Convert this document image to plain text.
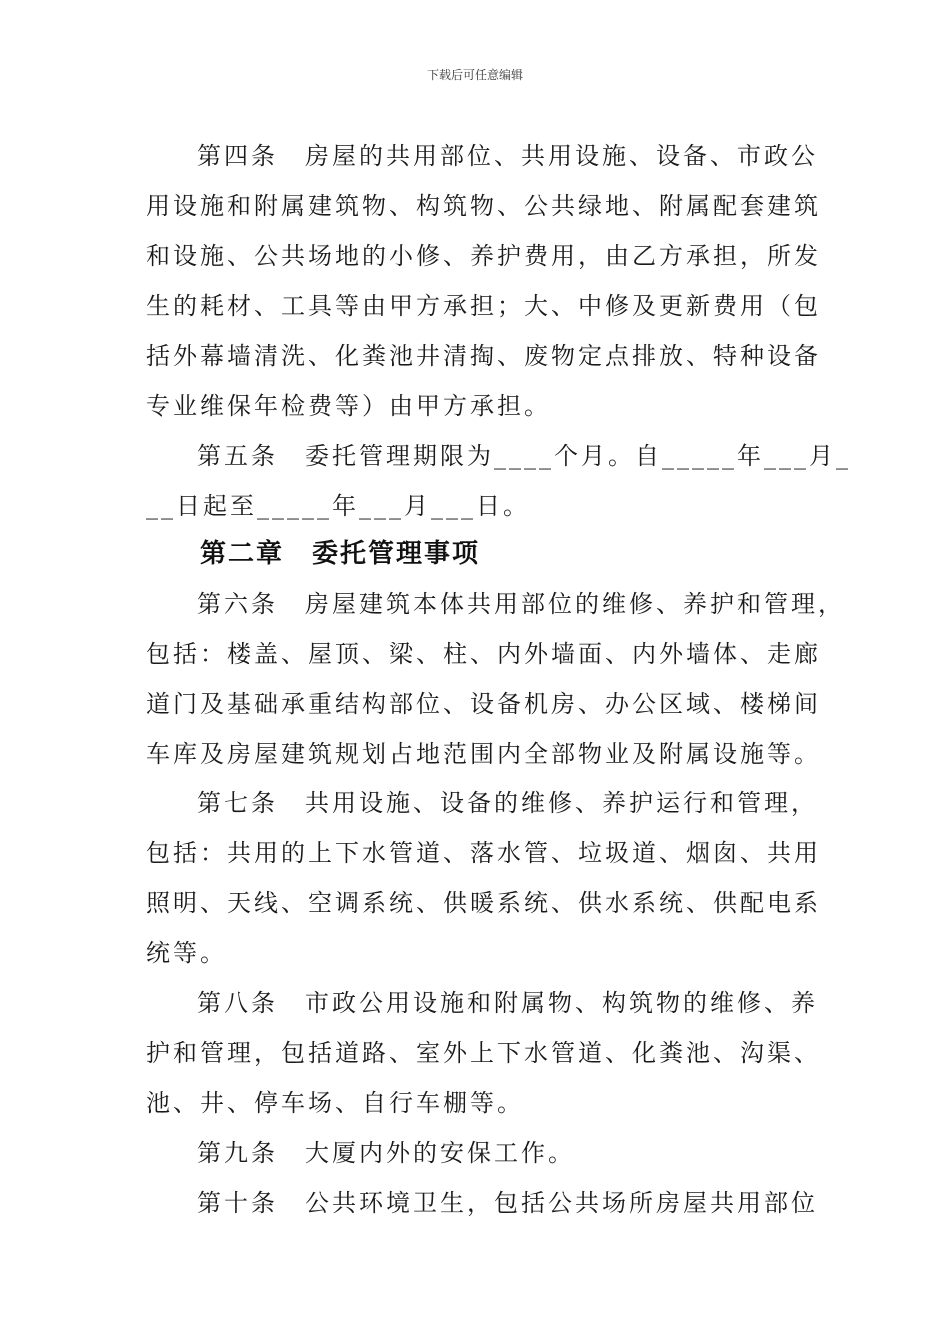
下载后可任意编辑
第四条　房屋的共用部位、共用设施、设备、市政公
用设施和附属建筑物、构筑物、公共绿地、附属配套建筑
和设施、公共场地的小修、养护费用，由乙方承担，所发
生的耗材、工具等由甲方承担；大、中修及更新费用（包
括外幕墙清洗、化粪池井清掏、废物定点排放、特种设备
专业维保年检费等）由甲方承担。
第五条　委托管理期限为____个月。自_____年___月_
__日起至_____年___月___日。
第二章　委托管理事项
第六条　房屋建筑本体共用部位的维修、养护和管理，
包括：楼盖、屋顶、梁、柱、内外墙面、内外墙体、走廊
道门及基础承重结构部位、设备机房、办公区域、楼梯间
车库及房屋建筑规划占地范围内全部物业及附属设施等。
第七条　共用设施、设备的维修、养护运行和管理，
包括：共用的上下水管道、落水管、垃圾道、烟囱、共用
照明、天线、空调系统、供暖系统、供水系统、供配电系
统等。
第八条　市政公用设施和附属物、构筑物的维修、养
护和管理，包括道路、室外上下水管道、化粪池、沟渠、
池、井、停车场、自行车棚等。
第九条　大厦内外的安保工作。
第十条　公共环境卫生，包括公共场所房屋共用部位
